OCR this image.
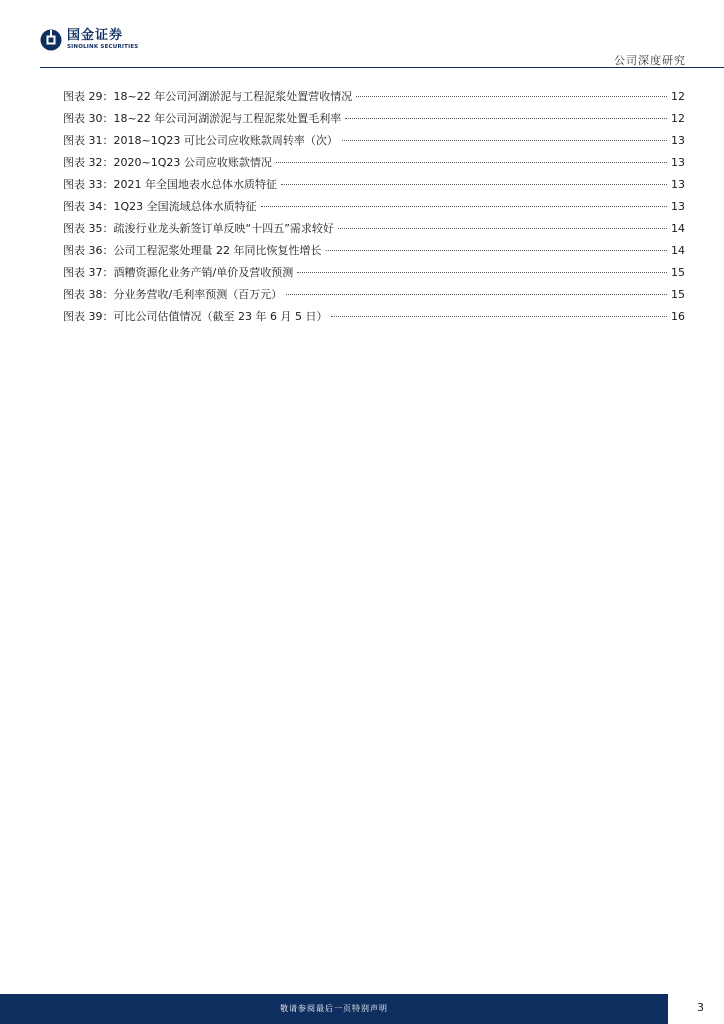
国金证券
SINOLINK SECURITIES
公司深度研究
图表 29： 18~22 年公司河湖淤泥与工程泥浆处置营收情况	12
图表 30： 18~22 年公司河湖淤泥与工程泥浆处置毛利率	12
图表 31： 2018~1Q23 可比公司应收账款周转率（次）	13
图表 32： 2020~1Q23 公司应收账款情况	13
图表 33： 2021 年全国地表水总体水质特征	13
图表 34： 1Q23 全国流域总体水质特征	13
图表 35： 疏浚行业龙头新签订单反映“十四五”需求较好	14
图表 36： 公司工程泥浆处理量 22 年同比恢复性增长	14
图表 37： 酒糟资源化业务产销/单价及营收预测	15
图表 38： 分业务营收/毛利率预测（百万元）	15
图表 39： 可比公司估值情况（截至 23 年 6 月 5 日）	16
敬请参阅最后一页特别声明	3
